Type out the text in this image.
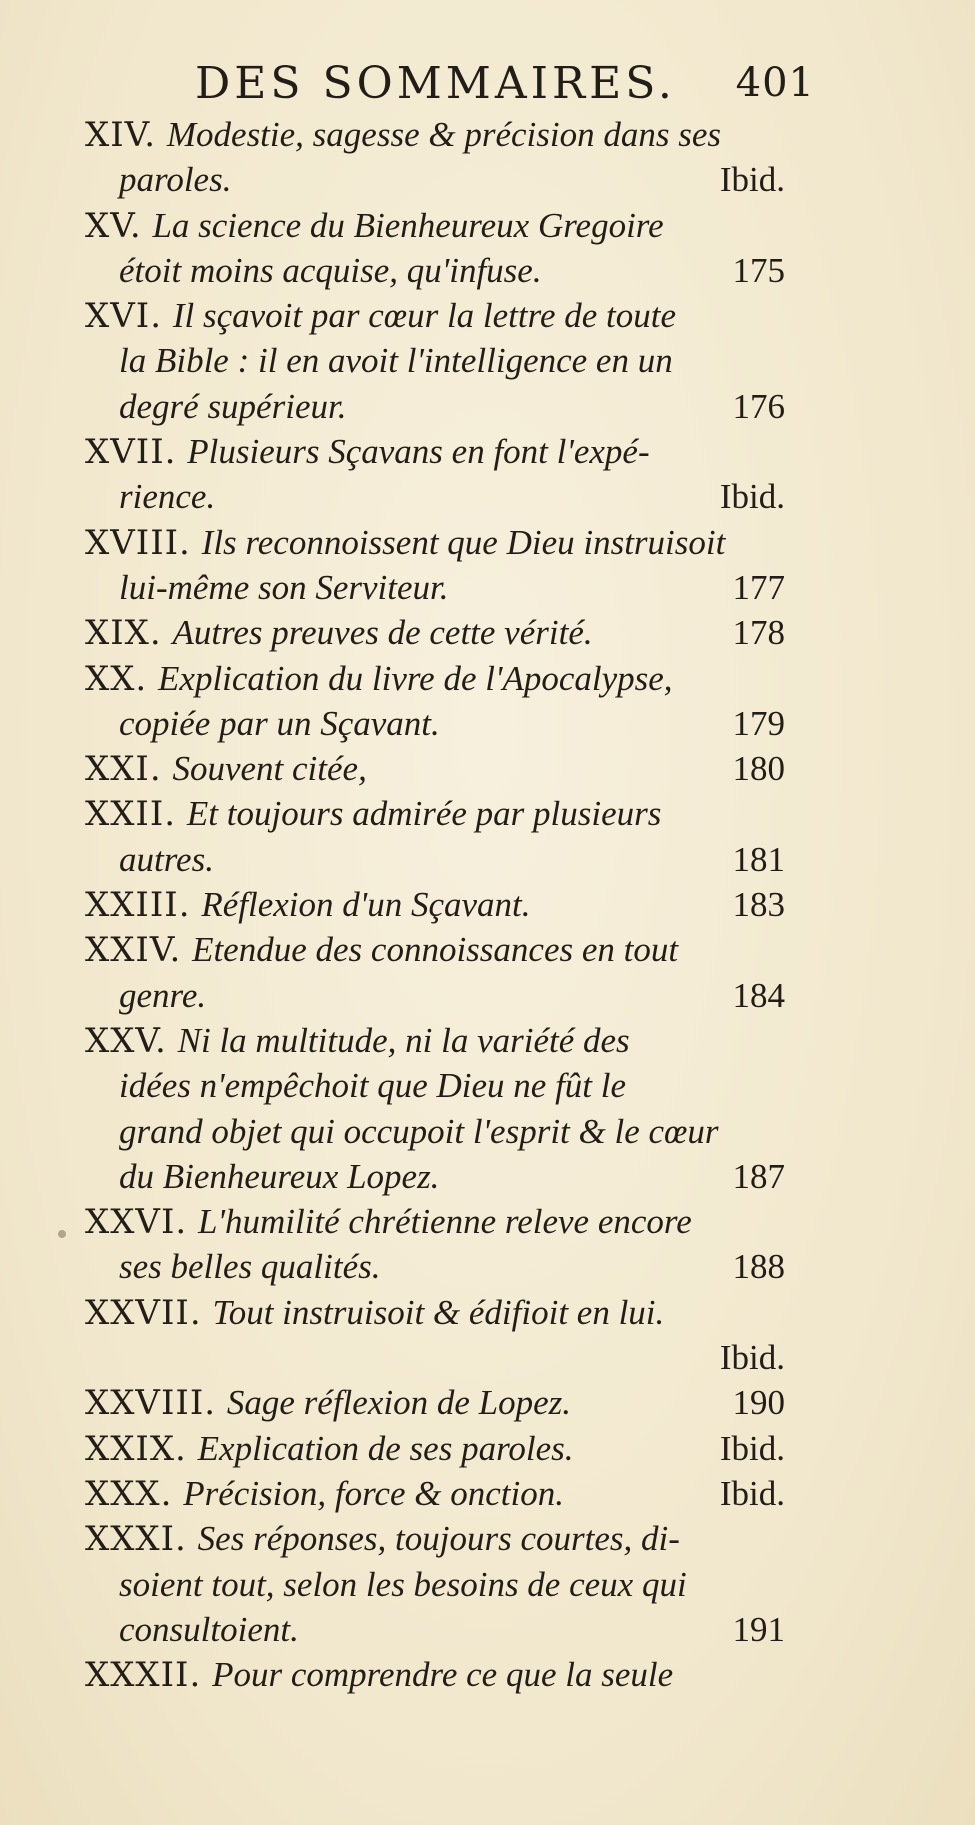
DES SOMMAIRES. 401
XIV. Modestie, sagesse & précision dans ses
paroles.	Ibid.
XV. La science du Bienheureux Gregoire
étoit moins acquise, qu'infuse.	175
XVI. Il sçavoit par cœur la lettre de toute
la Bible : il en avoit l'intelligence en un
degré supérieur.	176
XVII. Plusieurs Sçavans en font l'expé-
rience.	Ibid.
XVIII. Ils reconnoissent que Dieu instruisoit
lui-même son Serviteur.	177
XIX. Autres preuves de cette vérité.	178
XX. Explication du livre de l'Apocalypse,
copiée par un Sçavant.	179
XXI. Souvent citée,	180
XXII. Et toujours admirée par plusieurs
autres.	181
XXIII. Réflexion d'un Sçavant.	183
XXIV. Etendue des connoissances en tout
genre.	184
XXV. Ni la multitude, ni la variété des
idées n'empêchoit que Dieu ne fût le
grand objet qui occupoit l'esprit & le cœur
du Bienheureux Lopez.	187
XXVI. L'humilité chrétienne releve encore
ses belles qualités.	188
XXVII. Tout instruisoit & édifioit en lui.
Ibid.
XXVIII. Sage réflexion de Lopez.	190
XXIX. Explication de ses paroles.	Ibid.
XXX. Précision, force & onction.	Ibid.
XXXI. Ses réponses, toujours courtes, di-
soient tout, selon les besoins de ceux qui
consultoient.	191
XXXII. Pour comprendre ce que la seule
